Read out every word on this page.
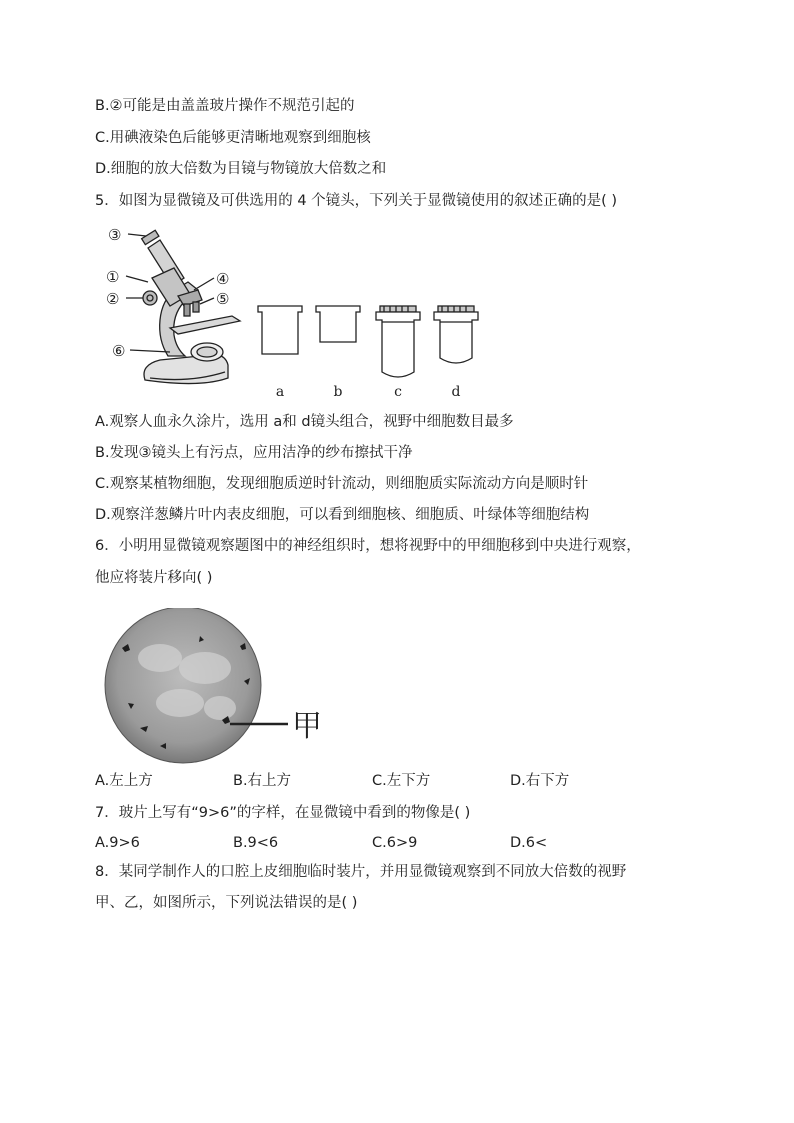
B.②可能是由盖盖玻片操作不规范引起的
C.用碘液染色后能够更清晰地观察到细胞核
D.细胞的放大倍数为目镜与物镜放大倍数之和
5．如图为显微镜及可供选用的 4 个镜头，下列关于显微镜使用的叙述正确的是( )
③
①
②
④
⑤
⑥
a	b	c	d
A.观察人血永久涂片，选用 a和 d镜头组合，视野中细胞数目最多
B.发现③镜头上有污点，应用洁净的纱布擦拭干净
C.观察某植物细胞，发现细胞质逆时针流动，则细胞质实际流动方向是顺时针
D.观察洋葱鳞片叶内表皮细胞，可以看到细胞核、细胞质、叶绿体等细胞结构
6．小明用显微镜观察题图中的神经组织时，想将视野中的甲细胞移到中央进行观察，
他应将装片移向( )
甲
A.左上方	B.右上方	C.左下方	D.右下方
7．玻片上写有“9>6”的字样，在显微镜中看到的物像是( )
A.9>6	B.9<6	C.6>9	D.6<
8．某同学制作人的口腔上皮细胞临时装片，并用显微镜观察到不同放大倍数的视野
甲、乙，如图所示，下列说法错误的是( )
